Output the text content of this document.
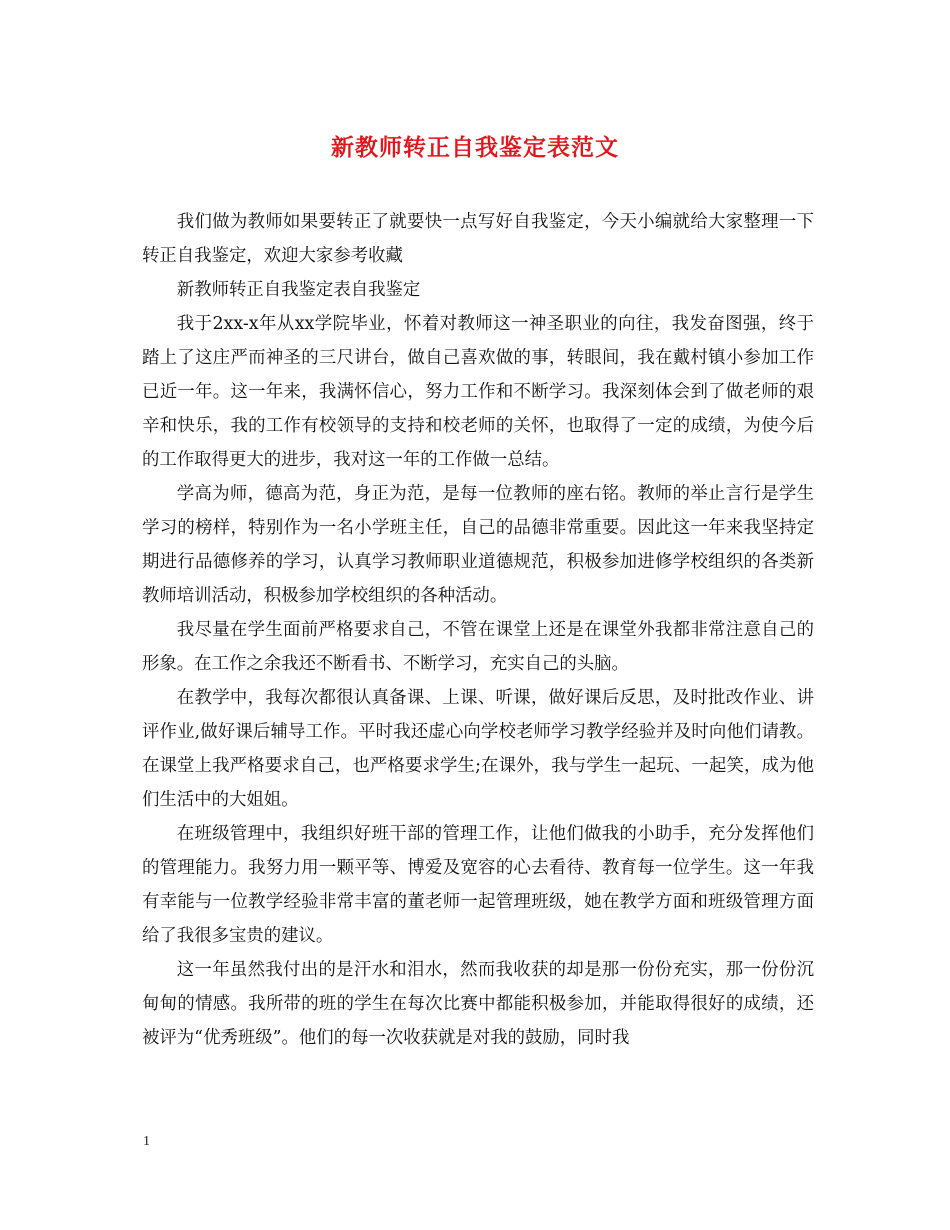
新教师转正自我鉴定表范文

我们做为教师如果要转正了就要快一点写好自我鉴定，今天小编就给大家整理一下转正自我鉴定，欢迎大家参考收藏

新教师转正自我鉴定表自我鉴定

我于2xx-x年从xx学院毕业，怀着对教师这一神圣职业的向往，我发奋图强，终于踏上了这庄严而神圣的三尺讲台，做自己喜欢做的事，转眼间，我在戴村镇小参加工作已近一年。这一年来，我满怀信心，努力工作和不断学习。我深刻体会到了做老师的艰辛和快乐，我的工作有校领导的支持和校老师的关怀，也取得了一定的成绩，为使今后的工作取得更大的进步，我对这一年的工作做一总结。

学高为师，德高为范，身正为范，是每一位教师的座右铭。教师的举止言行是学生学习的榜样，特别作为一名小学班主任，自己的品德非常重要。因此这一年来我坚持定期进行品德修养的学习，认真学习教师职业道德规范，积极参加进修学校组织的各类新教师培训活动，积极参加学校组织的各种活动。

我尽量在学生面前严格要求自己，不管在课堂上还是在课堂外我都非常注意自己的形象。在工作之余我还不断看书、不断学习，充实自己的头脑。

在教学中，我每次都很认真备课、上课、听课，做好课后反思，及时批改作业、讲评作业,做好课后辅导工作。平时我还虚心向学校老师学习教学经验并及时向他们请教。在课堂上我严格要求自己，也严格要求学生;在课外，我与学生一起玩、一起笑，成为他们生活中的大姐姐。

在班级管理中，我组织好班干部的管理工作，让他们做我的小助手，充分发挥他们的管理能力。我努力用一颗平等、博爱及宽容的心去看待、教育每一位学生。这一年我有幸能与一位教学经验非常丰富的董老师一起管理班级，她在教学方面和班级管理方面给了我很多宝贵的建议。

这一年虽然我付出的是汗水和泪水，然而我收获的却是那一份份充实，那一份份沉甸甸的情感。我所带的班的学生在每次比赛中都能积极参加，并能取得很好的成绩，还被评为“优秀班级”。他们的每一次收获就是对我的鼓励，同时我

1
